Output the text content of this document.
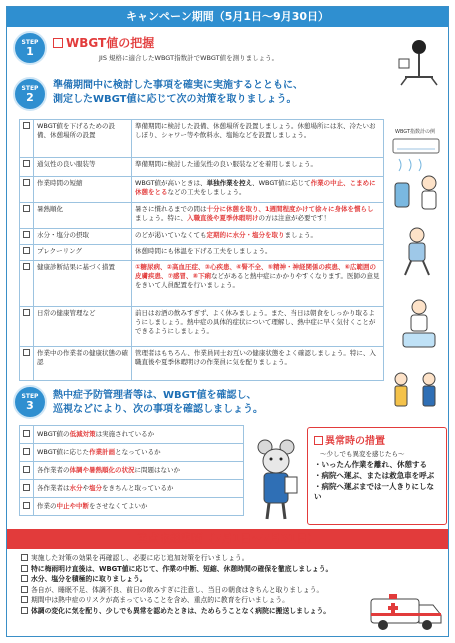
キャンペーン期間（5月1日～9月30日）
STEP
1
WBGT値の把握
JIS 規格に適合したWBGT指数計でWBGT値を測りましょう。
WBGT指数計の例
STEP
2
準備期間中に検討した事項を確実に実施するとともに、
測定したWBGT値に応じて次の対策を取りましょう。
	WBGT値を下げるための設備、休憩場所の設置	準備期間に検討した設備、休憩場所を設置しましょう。休憩場所には氷、冷たいおしぼり、シャワー等や飲料水、塩飴などを設置しましょう。
	通気性の良い服装等	準備期間に検討した通気性の良い服装などを着用しましょう。
	作業時間の短縮	WBGT値が高いときは、単独作業を控え、WBGT値に応じて作業の中止、こまめに休憩をとるなどの工夫をしましょう。
	暑熱順化	暑さに慣れるまでの間は十分に休憩を取り、1週間程度かけて徐々に身体を慣らしましょう。特に、入職直後や夏季休暇明けの方は注意が必要です！
	水分・塩分の摂取	のどが渇いていなくても定期的に水分・塩分を取りましょう。
	プレクーリング	休憩時間にも体温を下げる工夫をしましょう。
	健康診断結果に基づく措置	①糖尿病、②高血圧症、③心疾患、④腎不全、⑤精神・神経関係の疾患、⑥広範囲の皮膚疾患、⑦感冒、⑧下痢などがあると熱中症にかかりやすくなります。医師の意見をきいて人員配置を行いましょう。
	日常の健康管理など	前日はお酒の飲みすぎず、よく休みましょう。また、当日は朝食をしっかり取るようにしましょう。熱中症の具体的症状について理解し、熱中症に早く気付くことができるようにしましょう。
	作業中の作業者の健康状態の確認	管理者はもちろん、作業員同士お互いの健康状態をよく確認しましょう。特に、入職直後や夏季休暇明けの作業員に気を配りましょう。
STEP
3
熱中症予防管理者等は、WBGT値を確認し、
巡視などにより、次の事項を確認しましょう。
	WBGT値の低減対策は実施されているか
	WBGT値に応じた作業計画となっているか
	各作業者の体調や暑熱順化の状況に問題はないか
	各作業者は水分や塩分をきちんと取っているか
	作業の中止や中断をさせなくてよいか
異常時の措置
～少しでも異変を感じたら～
・ いったん作業を離れ、休憩する
・ 病院へ運ぶ、または救急車を呼ぶ
・ 病院へ運ぶまでは一人きりにしない
重点取組期間（7月1日～7月31日）
実施した対策の効果を再確認し、必要に応じ追加対策を行いましょう。
特に梅雨明け直後は、WBGT値に応じて、作業の中断、短縮、休憩時間の確保を徹底しましょう。
水分、塩分を積極的に取りましょう。
各自が、睡眠不足、体調不良、前日の飲みすぎに注意し、当日の朝食はきちんと取りましょう。
期間中は熱中症のリスクが高まっていることを含め、重点的に教育を行いましょう。
体調の変化に気を配り、少しでも異常を認めたときは、ためらうことなく病院に搬送しましょう。
